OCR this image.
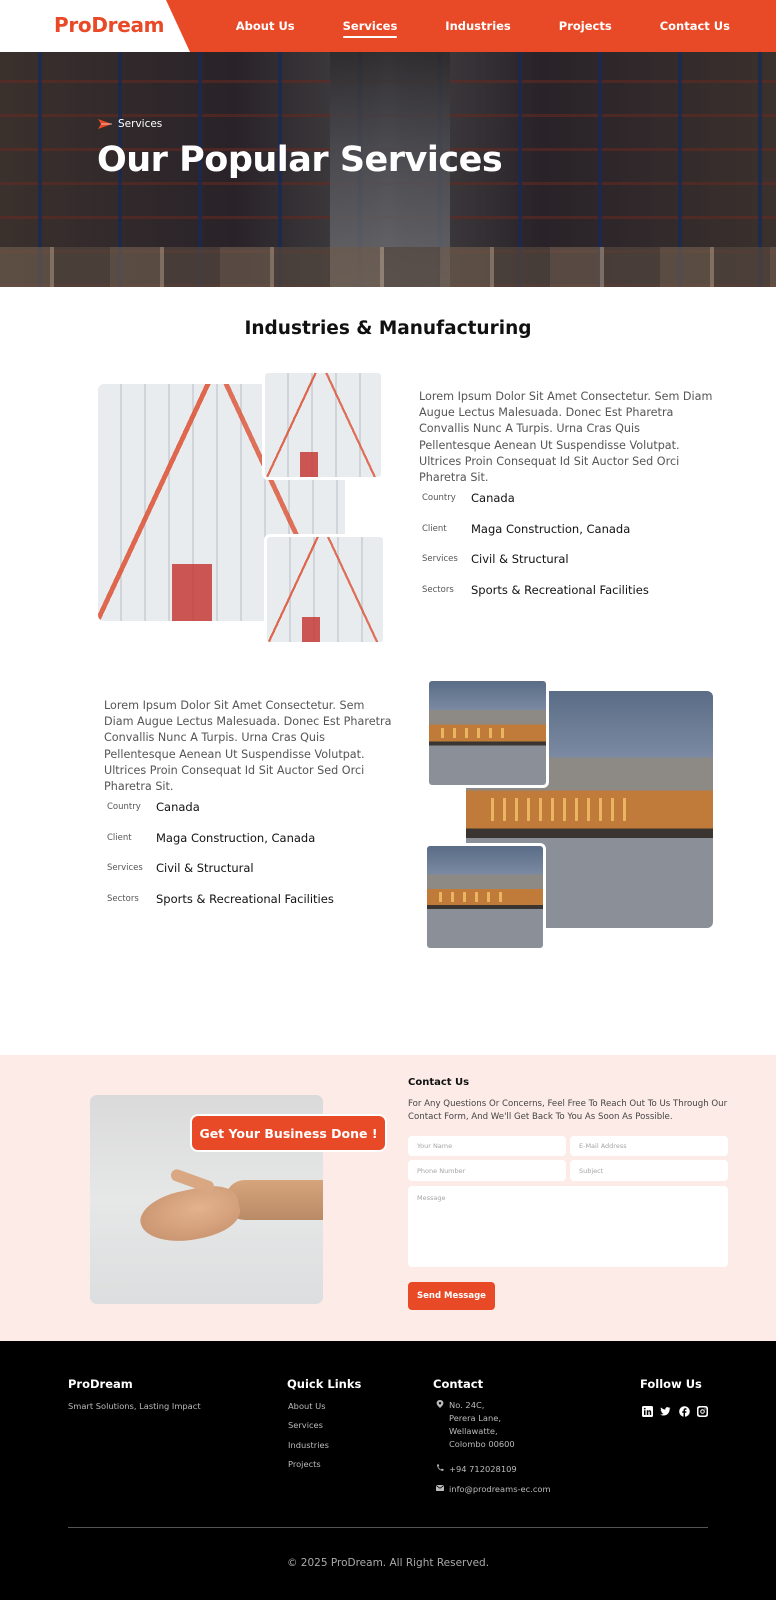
ProDream	About Us	Services	Industries	Projects	Contact Us
Services
Our Popular Services
Industries & Manufacturing

Lorem Ipsum Dolor Sit Amet Consectetur. Sem Diam Augue Lectus Malesuada. Donec Est Pharetra Convallis Nunc A Turpis. Urna Cras Quis Pellentesque Aenean Ut Suspendisse Volutpat. Ultrices Proin Consequat Id Sit Auctor Sed Orci Pharetra Sit.

Country	Canada
Client	Maga Construction, Canada
Services	Civil & Structural
Sectors	Sports & Recreational Facilities

Lorem Ipsum Dolor Sit Amet Consectetur. Sem Diam Augue Lectus Malesuada. Donec Est Pharetra Convallis Nunc A Turpis. Urna Cras Quis Pellentesque Aenean Ut Suspendisse Volutpat. Ultrices Proin Consequat Id Sit Auctor Sed Orci Pharetra Sit.

Country	Canada
Client	Maga Construction, Canada
Services	Civil & Structural
Sectors	Sports & Recreational Facilities
Get Your Business Done !
Contact Us

For Any Questions Or Concerns, Feel Free To Reach Out To Us Through Our Contact Form, And We'll Get Back To You As Soon As Possible.

Your Name
E-Mail Address
Phone Number
Subject
Message
Send Message
ProDream
Smart Solutions, Lasting Impact
Quick Links
About Us
Services
Industries
Projects
Contact
No. 24C,
Perera Lane,
Wellawatte,
Colombo 00600
+94 712028109
info@prodreams-ec.com
Follow Us
© 2025 ProDream. All Right Reserved.
